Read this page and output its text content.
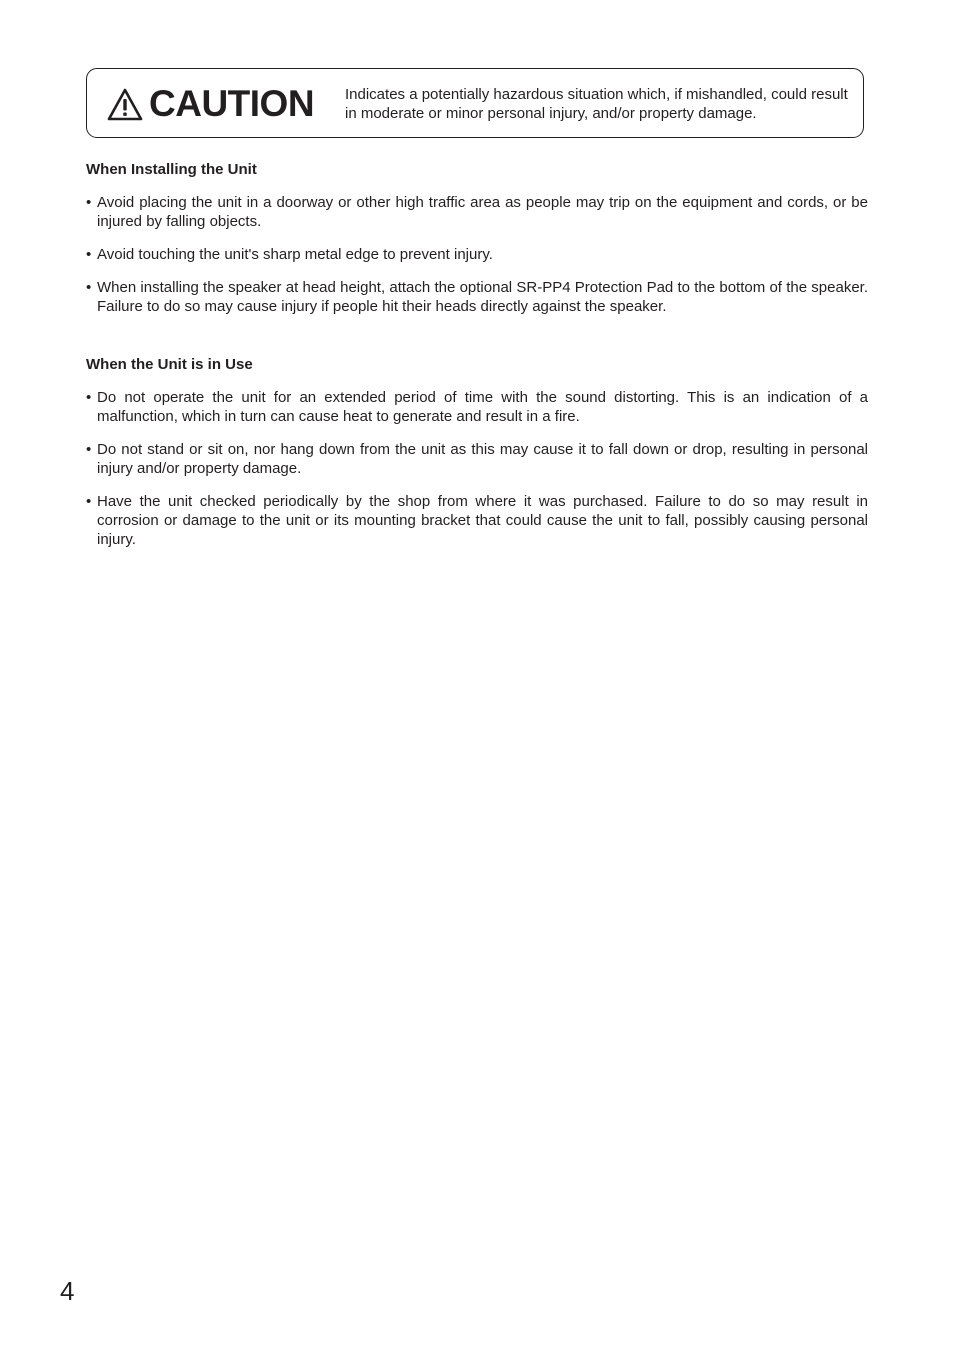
CAUTION Indicates a potentially hazardous situation which, if mishandled, could result in moderate or minor personal injury, and/or property damage.
When Installing the Unit
• Avoid placing the unit in a doorway or other high traffic area as people may trip on the equipment and cords, or be injured by falling objects.
• Avoid touching the unit's sharp metal edge to prevent injury.
• When installing the speaker at head height, attach the optional SR-PP4 Protection Pad to the bottom of the speaker. Failure to do so may cause injury if people hit their heads directly against the speaker.
When the Unit is in Use
• Do not operate the unit for an extended period of time with the sound distorting. This is an indication of a malfunction, which in turn can cause heat to generate and result in a fire.
• Do not stand or sit on, nor hang down from the unit as this may cause it to fall down or drop, resulting in personal injury and/or property damage.
• Have the unit checked periodically by the shop from where it was purchased. Failure to do so may result in corrosion or damage to the unit or its mounting bracket that could cause the unit to fall, possibly causing personal injury.
4
